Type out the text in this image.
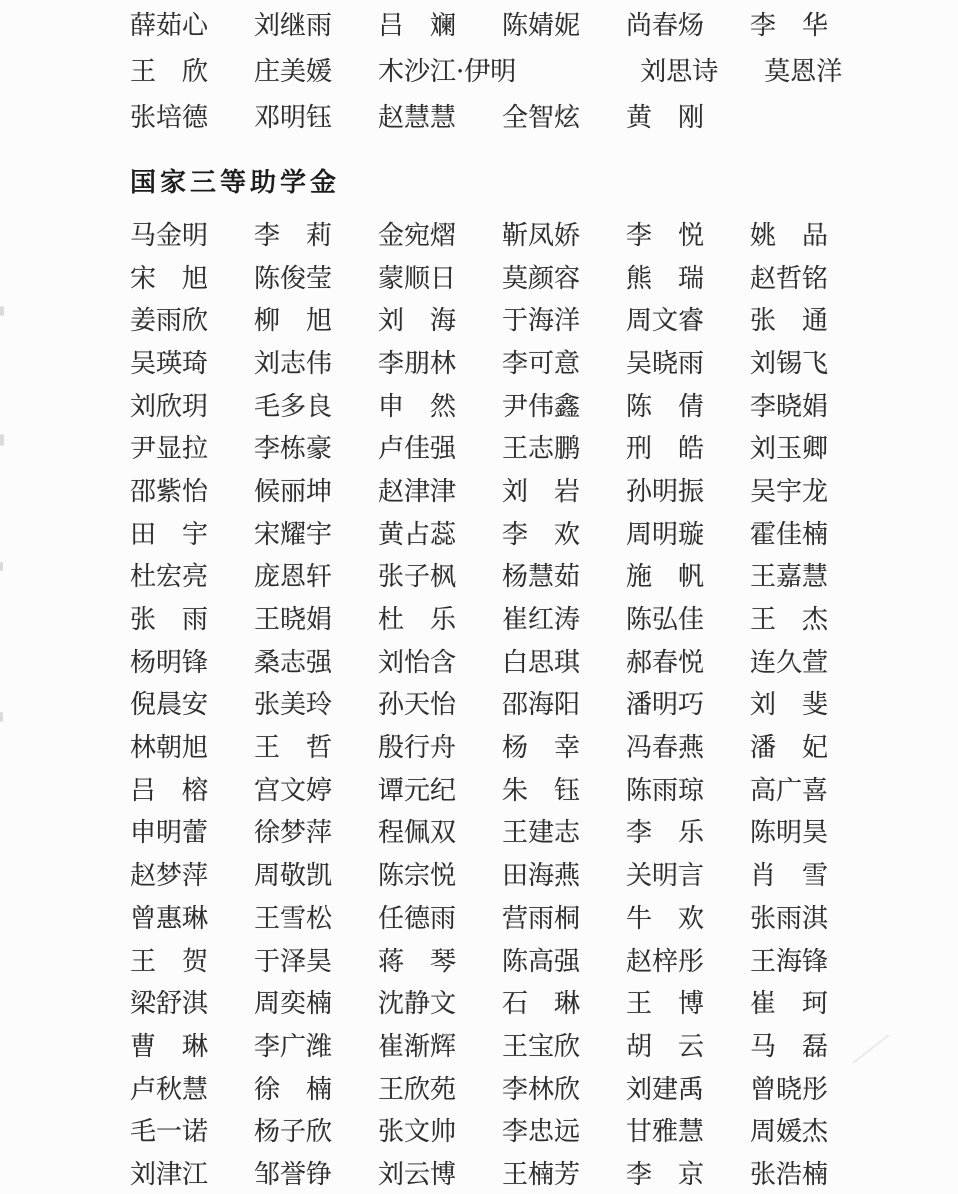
薛茹心	刘继雨	吕　斓	陈婧妮	尚春炀	李　华
王　欣	庄美媛	木沙江·伊明	刘思诗	莫恩洋
张培德	邓明钰	赵慧慧	全智炫	黄　刚
国家三等助学金
马金明	李　莉	金宛熠	靳凤娇	李　悦	姚　品
宋　旭	陈俊莹	蒙顺日	莫颜容	熊　瑞	赵哲铭
姜雨欣	柳　旭	刘　海	于海洋	周文睿	张　通
吴瑛琦	刘志伟	李朋林	李可意	吴晓雨	刘锡飞
刘欣玥	毛多良	申　然	尹伟鑫	陈　倩	李晓娟
尹显拉	李栋豪	卢佳强	王志鹏	刑　皓	刘玉卿
邵紫怡	候丽坤	赵津津	刘　岩	孙明振	吴宇龙
田　宇	宋耀宇	黄占蕊	李　欢	周明璇	霍佳楠
杜宏亮	庞恩轩	张子枫	杨慧茹	施　帆	王嘉慧
张　雨	王晓娟	杜　乐	崔红涛	陈弘佳	王　杰
杨明锋	桑志强	刘怡含	白思琪	郝春悦	连久萱
倪晨安	张美玲	孙天怡	邵海阳	潘明巧	刘　斐
林朝旭	王　哲	殷行舟	杨　幸	冯春燕	潘　妃
吕　榕	宫文婷	谭元纪	朱　钰	陈雨琼	高广喜
申明蕾	徐梦萍	程佩双	王建志	李　乐	陈明昊
赵梦萍	周敬凯	陈宗悦	田海燕	关明言	肖　雪
曾惠琳	王雪松	任德雨	营雨桐	牛　欢	张雨淇
王　贺	于泽昊	蒋　琴	陈高强	赵梓彤	王海锋
梁舒淇	周奕楠	沈静文	石　琳	王　博	崔　珂
曹　琳	李广潍	崔渐辉	王宝欣	胡　云	马　磊
卢秋慧	徐　楠	王欣苑	李林欣	刘建禹	曾晓彤
毛一诺	杨子欣	张文帅	李忠远	甘雅慧	周媛杰
刘津江	邹誉铮	刘云博	王楠芳	李　京	张浩楠
